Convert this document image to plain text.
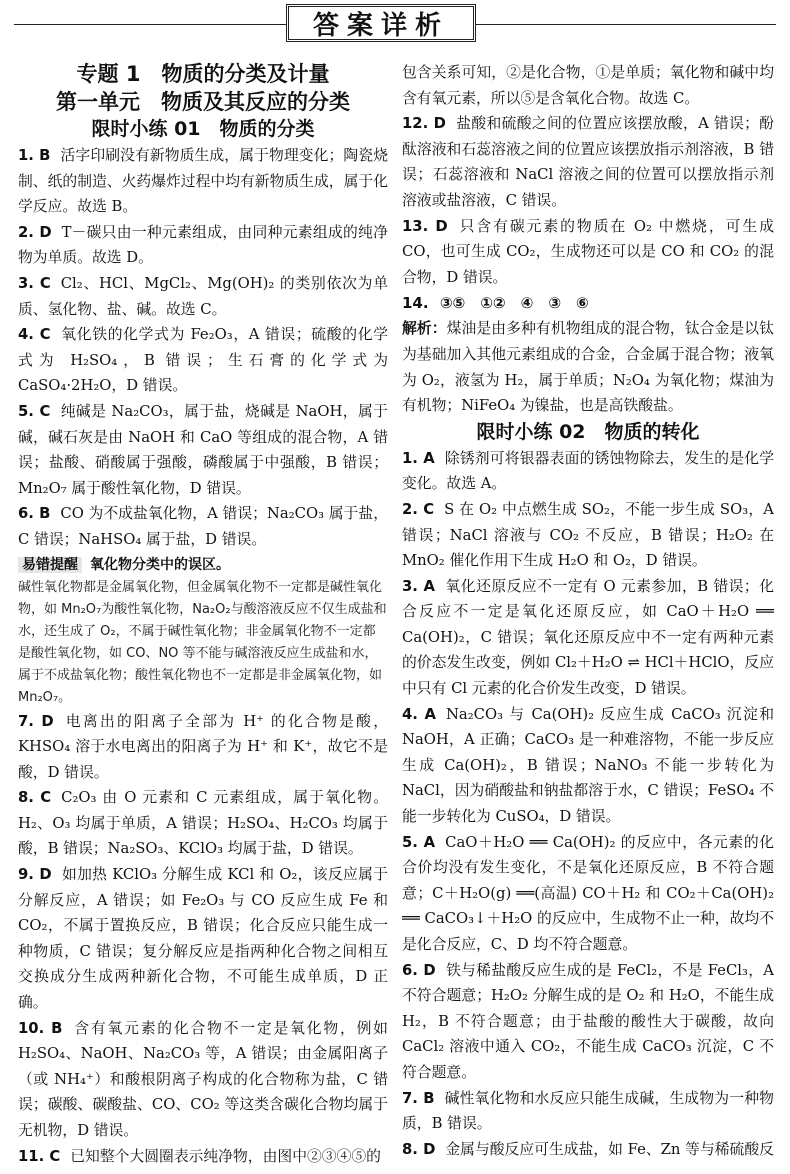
答案详析

专题 1　物质的分类及计量

第一单元　物质及其反应的分类

限时小练 01　物质的分类

1. B 活字印刷没有新物质生成，属于物理变化；陶瓷烧制、纸的制造、火药爆炸过程中均有新物质生成，属于化学反应。故选 B。

2. D T－碳只由一种元素组成，由同种元素组成的纯净物为单质。故选 D。

3. C Cl₂、HCl、MgCl₂、Mg(OH)₂ 的类别依次为单质、氢化物、盐、碱。故选 C。

4. C 氧化铁的化学式为 Fe₂O₃，A 错误；硫酸的化学式为 H₂SO₄，B 错误；生石膏的化学式为 CaSO₄·2H₂O，D 错误。

5. C 纯碱是 Na₂CO₃，属于盐，烧碱是 NaOH，属于碱，碱石灰是由 NaOH 和 CaO 等组成的混合物，A 错误；盐酸、硝酸属于强酸，磷酸属于中强酸，B 错误；Mn₂O₇ 属于酸性氧化物，D 错误。

6. B CO 为不成盐氧化物，A 错误；Na₂CO₃ 属于盐，C 错误；NaHSO₄ 属于盐，D 错误。

易错提醒 氧化物分类中的误区。

碱性氧化物都是金属氧化物，但金属氧化物不一定都是碱性氧化物，如 Mn₂O₇为酸性氧化物，Na₂O₂与酸溶液反应不仅生成盐和水，还生成了 O₂，不属于碱性氧化物；非金属氧化物不一定都是酸性氧化物，如 CO、NO 等不能与碱溶液反应生成盐和水，属于不成盐氧化物；酸性氧化物也不一定都是非金属氧化物，如 Mn₂O₇。

7. D 电离出的阳离子全部为 H⁺ 的化合物是酸，KHSO₄ 溶于水电离出的阳离子为 H⁺ 和 K⁺，故它不是酸，D 错误。

8. C C₂O₃ 由 O 元素和 C 元素组成，属于氧化物。H₂、O₃ 均属于单质，A 错误；H₂SO₄、H₂CO₃ 均属于酸，B 错误；Na₂SO₃、KClO₃ 均属于盐，D 错误。

9. D 如加热 KClO₃ 分解生成 KCl 和 O₂，该反应属于分解反应，A 错误；如 Fe₂O₃ 与 CO 反应生成 Fe 和 CO₂，不属于置换反应，B 错误；化合反应只能生成一种物质，C 错误；复分解反应是指两种化合物之间相互交换成分生成两种新化合物，不可能生成单质，D 正确。

10. B 含有氧元素的化合物不一定是氧化物，例如 H₂SO₄、NaOH、Na₂CO₃ 等，A 错误；由金属阳离子（或 NH₄⁺）和酸根阴离子构成的化合物称为盐，C 错误；碳酸、碳酸盐、CO、CO₂ 等这类含碳化合物均属于无机物，D 错误。

11. C 已知整个大圆圈表示纯净物，由图中②③④⑤的

包含关系可知，②是化合物，①是单质；氧化物和碱中均含有氧元素，所以⑤是含氧化合物。故选 C。

12. D 盐酸和硫酸之间的位置应该摆放酸，A 错误；酚酞溶液和石蕊溶液之间的位置应该摆放指示剂溶液，B 错误；石蕊溶液和 NaCl 溶液之间的位置可以摆放指示剂溶液或盐溶液，C 错误。

13. D 只含有碳元素的物质在 O₂ 中燃烧，可生成 CO，也可生成 CO₂，生成物还可以是 CO 和 CO₂ 的混合物，D 错误。

14. ③⑤　①②　④　③　⑥

解析：煤油是由多种有机物组成的混合物，钛合金是以钛为基础加入其他元素组成的合金，合金属于混合物；液氧为 O₂，液氢为 H₂，属于单质；N₂O₄ 为氧化物；煤油为有机物；NiFeO₄ 为镍盐，也是高铁酸盐。

限时小练 02　物质的转化

1. A 除锈剂可将银器表面的锈蚀物除去，发生的是化学变化。故选 A。

2. C S 在 O₂ 中点燃生成 SO₂，不能一步生成 SO₃，A 错误；NaCl 溶液与 CO₂ 不反应，B 错误；H₂O₂ 在 MnO₂ 催化作用下生成 H₂O 和 O₂，D 错误。

3. A 氧化还原反应不一定有 O 元素参加，B 错误；化合反应不一定是氧化还原反应，如 CaO＋H₂O ══ Ca(OH)₂，C 错误；氧化还原反应中不一定有两种元素的价态发生改变，例如 Cl₂＋H₂O ⇌ HCl＋HClO，反应中只有 Cl 元素的化合价发生改变，D 错误。

4. A Na₂CO₃ 与 Ca(OH)₂ 反应生成 CaCO₃ 沉淀和 NaOH，A 正确；CaCO₃ 是一种难溶物，不能一步反应生成 Ca(OH)₂，B 错误；NaNO₃ 不能一步转化为 NaCl，因为硝酸盐和钠盐都溶于水，C 错误；FeSO₄ 不能一步转化为 CuSO₄，D 错误。

5. A CaO＋H₂O ══ Ca(OH)₂ 的反应中，各元素的化合价均没有发生变化，不是氧化还原反应，B 不符合题意；C＋H₂O(g) ══(高温) CO＋H₂ 和 CO₂＋Ca(OH)₂ ══ CaCO₃↓＋H₂O 的反应中，生成物不止一种，故均不是化合反应，C、D 均不符合题意。

6. D 铁与稀盐酸反应生成的是 FeCl₂，不是 FeCl₃，A 不符合题意；H₂O₂ 分解生成的是 O₂ 和 H₂O，不能生成 H₂，B 不符合题意；由于盐酸的酸性大于碳酸，故向 CaCl₂ 溶液中通入 CO₂，不能生成 CaCO₃ 沉淀，C 不符合题意。

7. B 碱性氧化物和水反应只能生成碱，生成物为一种物质，B 错误。

8. D 金属与酸反应可生成盐，如 Fe、Zn 等与稀硫酸反
